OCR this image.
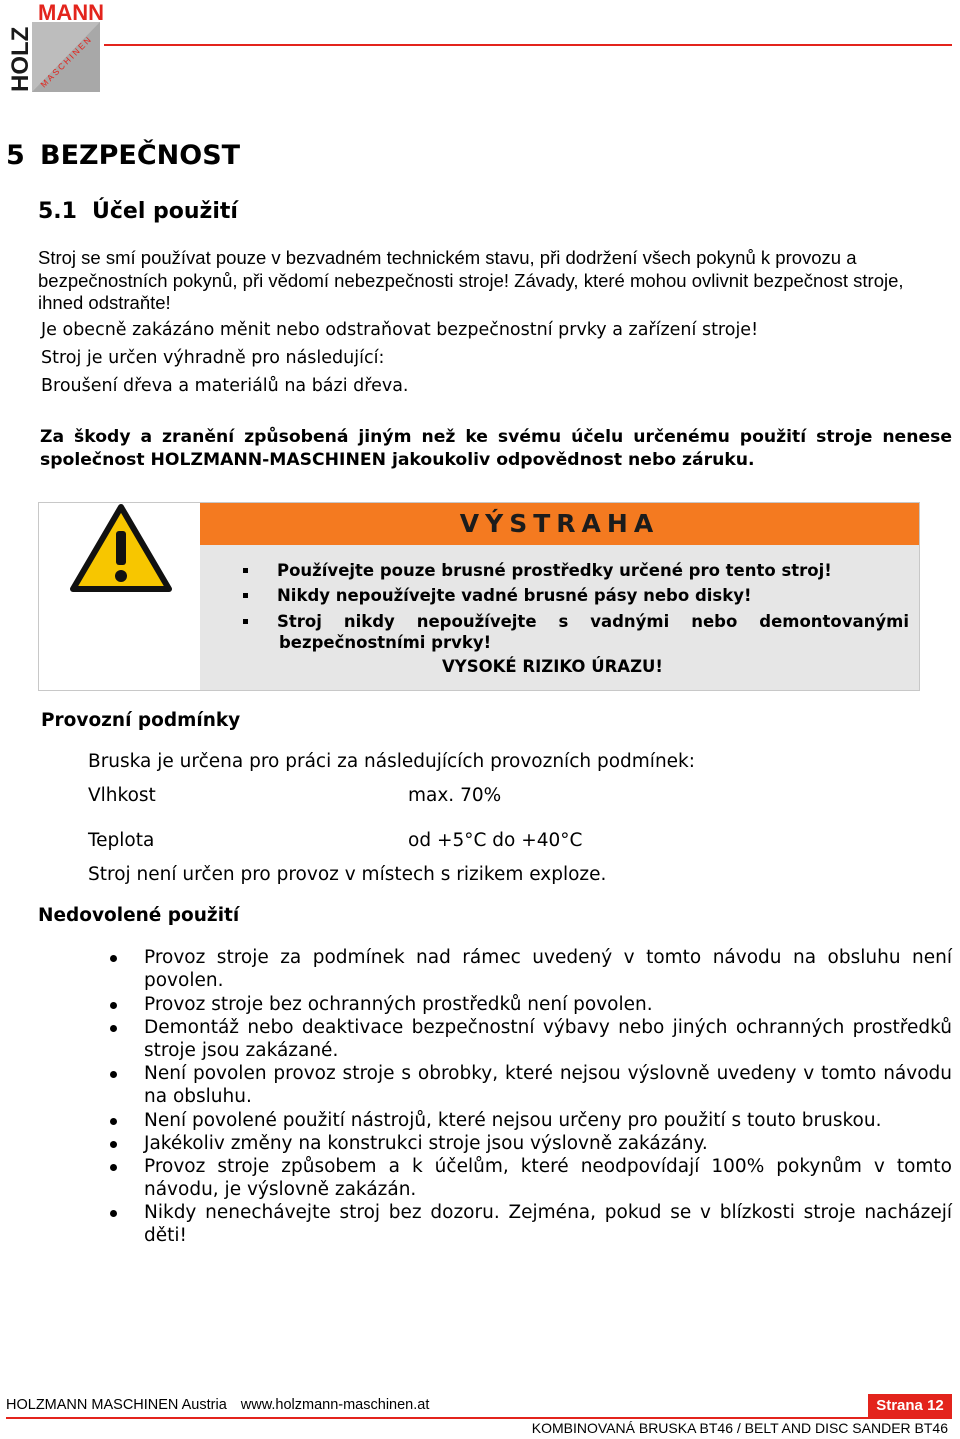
MANN
HOLZ MASCHINEN
5 BEZPEČNOST
5.1 Účel použití
Stroj se smí používat pouze v bezvadném technickém stavu, při dodržení všech pokynů k provozu a bezpečnostních pokynů, při vědomí nebezpečnosti stroje! Závady, které mohou ovlivnit bezpečnost stroje, ihned odstraňte!
Je obecně zakázáno měnit nebo odstraňovat bezpečnostní prvky a zařízení stroje!
Stroj je určen výhradně pro následující:
Broušení dřeva a materiálů na bázi dřeva.
Za škody a zranění způsobená jiným než ke svému účelu určenému použití stroje nenese společnost HOLZMANN-MASCHINEN jakoukoliv odpovědnost nebo záruku.
VÝSTRAHA
Používejte pouze brusné prostředky určené pro tento stroj!
Nikdy nepoužívejte vadné brusné pásy nebo disky!
Stroj nikdy nepoužívejte s vadnými nebo demontovanými
bezpečnostními prvky!
VYSOKÉ RIZIKO ÚRAZU!
Provozní podmínky
Bruska je určena pro práci za následujících provozních podmínek:
Vlhkost	max. 70%
Teplota	od +5°C do +40°C
Stroj není určen pro provoz v místech s rizikem exploze.
Nedovolené použití
Provoz stroje za podmínek nad rámec uvedený v tomto návodu na obsluhu není povolen.
Provoz stroje bez ochranných prostředků není povolen.
Demontáž nebo deaktivace bezpečnostní výbavy nebo jiných ochranných prostředků stroje jsou zakázané.
Není povolen provoz stroje s obrobky, které nejsou výslovně uvedeny v tomto návodu na obsluhu.
Není povolené použití nástrojů, které nejsou určeny pro použití s touto bruskou.
Jakékoliv změny na konstrukci stroje jsou výslovně zakázány.
Provoz stroje způsobem a k účelům, které neodpovídají 100% pokynům v tomto návodu, je výslovně zakázán.
Nikdy nenechávejte stroj bez dozoru. Zejména, pokud se v blízkosti stroje nacházejí děti!
HOLZMANN MASCHINEN Austria www.holzmann-maschinen.at	Strana 12
KOMBINOVANÁ BRUSKA BT46 / BELT AND DISC SANDER BT46
